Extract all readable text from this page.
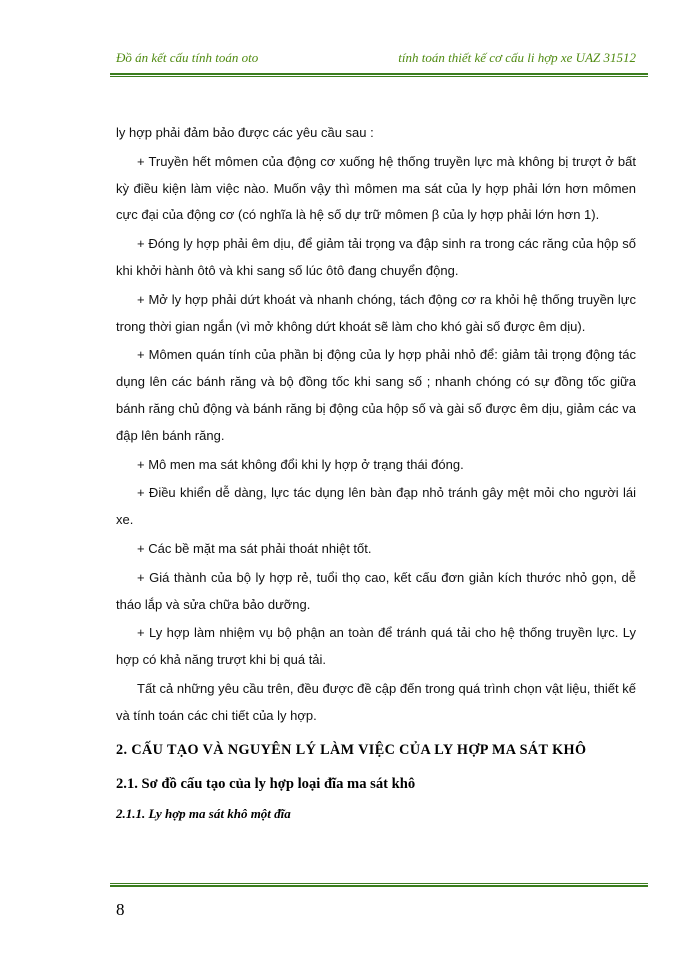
Đồ án kết cấu tính toán oto	tính toán thiết kế cơ cấu li hợp xe UAZ 31512

ly hợp phải đảm bảo được các yêu cầu sau :

+ Truyền hết mômen của động cơ xuống hệ thống truyền lực mà không bị trượt ở bất kỳ điều kiện làm việc nào. Muốn vậy thì mômen ma sát của ly hợp phải lớn hơn mômen cực đại của động cơ (có nghĩa là hệ số dự trữ mômen β của ly hợp phải lớn hơn 1).

+ Đóng ly hợp phải êm dịu, để giảm tải trọng va đập sinh ra trong các răng của hộp số khi khởi hành ôtô và khi sang số lúc ôtô đang chuyển động.

+ Mở ly hợp phải dứt khoát và nhanh chóng, tách động cơ ra khỏi hệ thống truyền lực trong thời gian ngắn (vì mở không dứt khoát sẽ làm cho khó gài số được êm dịu).

+ Mômen quán tính của phần bị động của ly hợp phải nhỏ để: giảm tải trọng động tác dụng lên các bánh răng và bộ đồng tốc khi sang số ; nhanh chóng có sự đồng tốc giữa bánh răng chủ động và bánh răng bị động của hộp số và gài số được êm dịu, giảm các va đập lên bánh răng.

+ Mô men ma sát không đổi khi ly hợp ở trạng thái đóng.

+ Điều khiển dễ dàng, lực tác dụng lên bàn đạp nhỏ tránh gây mệt mỏi cho người lái xe.

+ Các bề mặt ma sát phải thoát nhiệt tốt.

+ Giá thành của bộ ly hợp rẻ, tuổi thọ cao, kết cấu đơn giản kích thước nhỏ gọn, dễ tháo lắp và sửa chữa bảo dưỡng.

+ Ly hợp làm nhiệm vụ bộ phận an toàn để tránh quá tải cho hệ thống truyền lực. Ly hợp có khả năng trượt khi bị quá tải.

Tất cả những yêu cầu trên, đều được đề cập đến trong quá trình chọn vật liệu, thiết kế và tính toán các chi tiết của ly hợp.

2. CẤU TẠO VÀ NGUYÊN LÝ LÀM VIỆC CỦA LY HỢP MA SÁT KHÔ
2.1. Sơ đồ cấu tạo của ly hợp loại đĩa ma sát khô
2.1.1. Ly hợp ma sát khô một đĩa
8
